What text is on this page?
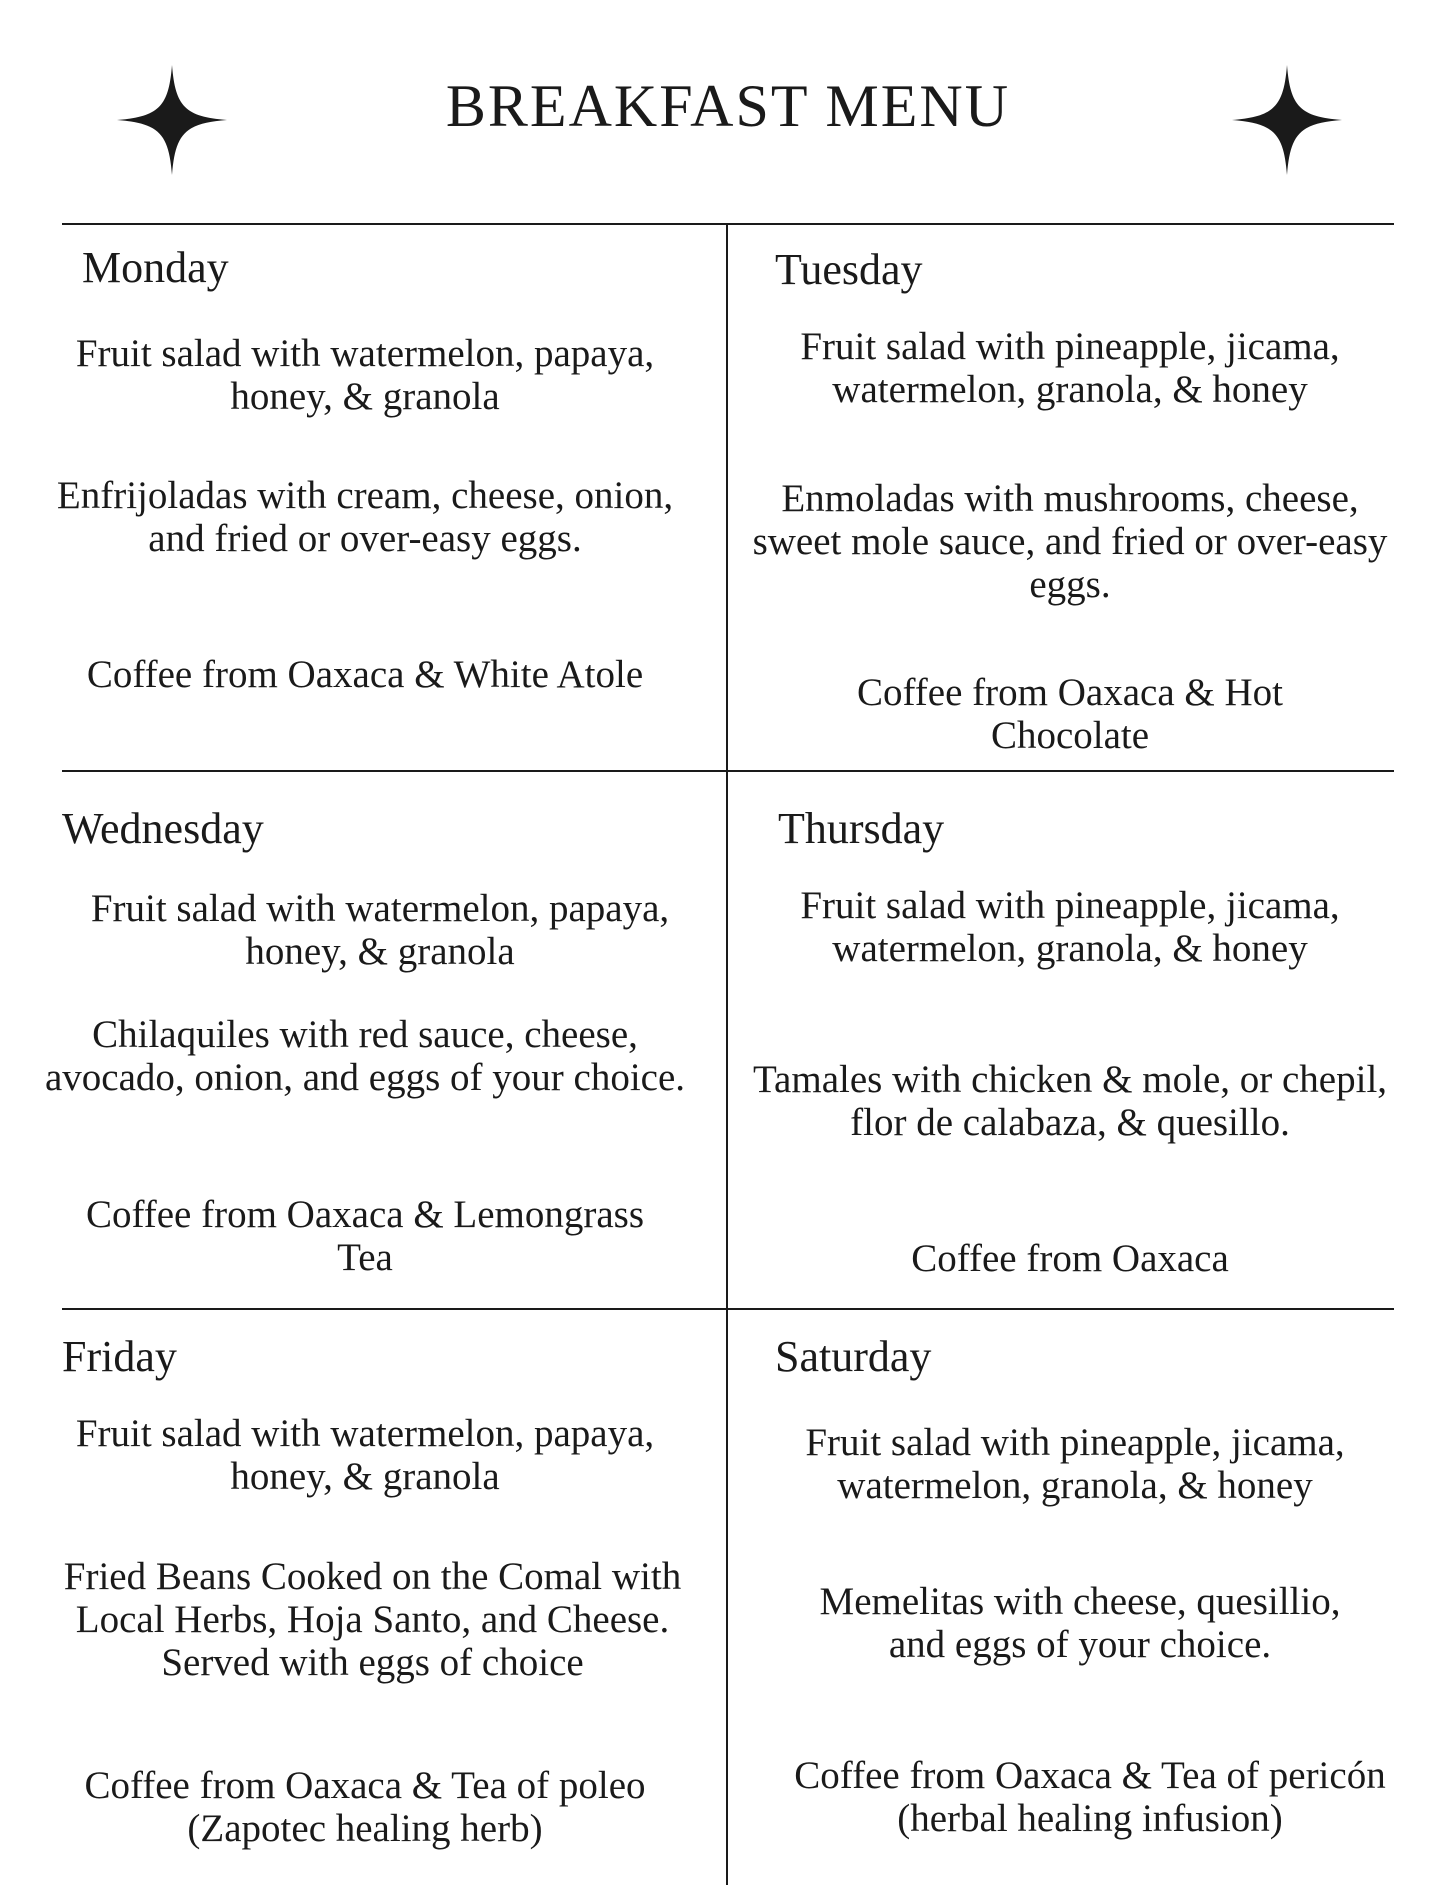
BREAKFAST MENU
Monday
Fruit salad with watermelon, papaya, honey, & granola
Enfrijoladas with cream, cheese, onion, and fried or over-easy eggs.
Coffee from Oaxaca & White Atole
Tuesday
Fruit salad with pineapple, jicama, watermelon, granola, & honey
Enmoladas with mushrooms, cheese, sweet mole sauce, and fried or over-easy eggs.
Coffee from Oaxaca & Hot Chocolate
Wednesday
Fruit salad with watermelon, papaya, honey, & granola
Chilaquiles with red sauce, cheese, avocado, onion, and eggs of your choice.
Coffee from Oaxaca & Lemongrass Tea
Thursday
Fruit salad with pineapple, jicama, watermelon, granola, & honey
Tamales with chicken & mole, or chepil, flor de calabaza, & quesillo.
Coffee from Oaxaca
Friday
Fruit salad with watermelon, papaya, honey, & granola
Fried Beans Cooked on the Comal with Local Herbs, Hoja Santo, and Cheese. Served with eggs of choice
Coffee from Oaxaca & Tea of poleo (Zapotec healing herb)
Saturday
Fruit salad with pineapple, jicama, watermelon, granola, & honey
Memelitas with cheese, quesillio, and eggs of your choice.
Coffee from Oaxaca & Tea of pericón (herbal healing infusion)
